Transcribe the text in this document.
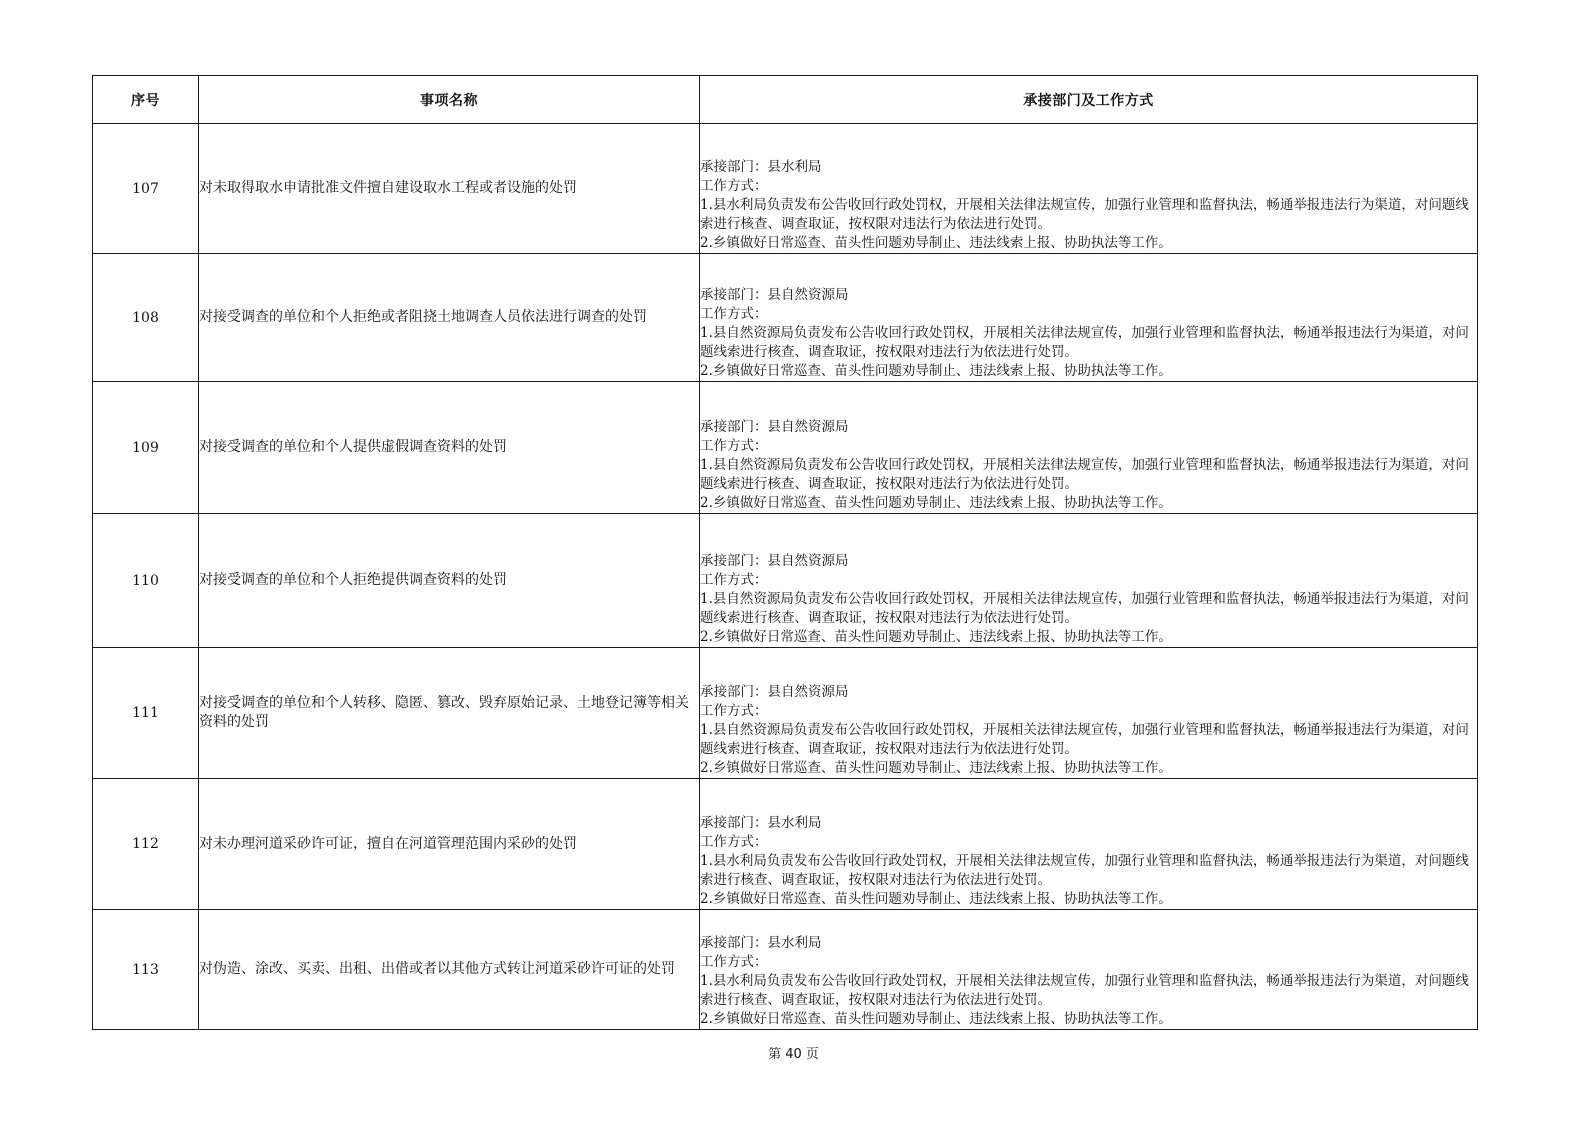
序号	事项名称	承接部门及工作方式
107	对未取得取水申请批准文件擅自建设取水工程或者设施的处罚	承接部门：县水利局
工作方式：
1.县水利局负责发布公告收回行政处罚权，开展相关法律法规宣传，加强行业管理和监督执法，畅通举报违法行为渠道，对问题线索进行核查、调查取证，按权限对违法行为依法进行处罚。
2.乡镇做好日常巡查、苗头性问题劝导制止、违法线索上报、协助执法等工作。

108	对接受调查的单位和个人拒绝或者阻挠土地调查人员依法进行调查的处罚	承接部门：县自然资源局
工作方式：
1.县自然资源局负责发布公告收回行政处罚权，开展相关法律法规宣传，加强行业管理和监督执法，畅通举报违法行为渠道，对问题线索进行核查、调查取证，按权限对违法行为依法进行处罚。
2.乡镇做好日常巡查、苗头性问题劝导制止、违法线索上报、协助执法等工作。

109	对接受调查的单位和个人提供虚假调查资料的处罚	承接部门：县自然资源局
工作方式：
1.县自然资源局负责发布公告收回行政处罚权，开展相关法律法规宣传，加强行业管理和监督执法，畅通举报违法行为渠道，对问题线索进行核查、调查取证，按权限对违法行为依法进行处罚。
2.乡镇做好日常巡查、苗头性问题劝导制止、违法线索上报、协助执法等工作。

110	对接受调查的单位和个人拒绝提供调查资料的处罚	承接部门：县自然资源局
工作方式：
1.县自然资源局负责发布公告收回行政处罚权，开展相关法律法规宣传，加强行业管理和监督执法，畅通举报违法行为渠道，对问题线索进行核查、调查取证，按权限对违法行为依法进行处罚。
2.乡镇做好日常巡查、苗头性问题劝导制止、违法线索上报、协助执法等工作。

111	对接受调查的单位和个人转移、隐匿、篡改、毁弃原始记录、土地登记簿等相关资料的处罚	承接部门：县自然资源局
工作方式：
1.县自然资源局负责发布公告收回行政处罚权，开展相关法律法规宣传，加强行业管理和监督执法，畅通举报违法行为渠道，对问题线索进行核查、调查取证，按权限对违法行为依法进行处罚。
2.乡镇做好日常巡查、苗头性问题劝导制止、违法线索上报、协助执法等工作。

112	对未办理河道采砂许可证，擅自在河道管理范围内采砂的处罚	承接部门：县水利局
工作方式：
1.县水利局负责发布公告收回行政处罚权，开展相关法律法规宣传，加强行业管理和监督执法，畅通举报违法行为渠道，对问题线索进行核查、调查取证，按权限对违法行为依法进行处罚。
2.乡镇做好日常巡查、苗头性问题劝导制止、违法线索上报、协助执法等工作。

113	对伪造、涂改、买卖、出租、出借或者以其他方式转让河道采砂许可证的处罚	承接部门：县水利局
工作方式：
1.县水利局负责发布公告收回行政处罚权，开展相关法律法规宣传，加强行业管理和监督执法，畅通举报违法行为渠道，对问题线索进行核查、调查取证，按权限对违法行为依法进行处罚。
2.乡镇做好日常巡查、苗头性问题劝导制止、违法线索上报、协助执法等工作。
第 40 页
